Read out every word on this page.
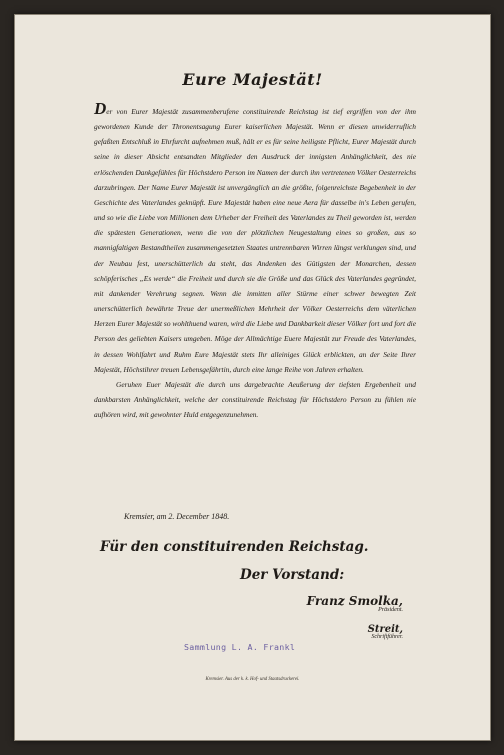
Eure Majestät!

Der von Eurer Majestät zusammenberufene constituirende Reichstag ist tief ergriffen von der ihm gewordenen Kunde der Thronentsagung Eurer kaiserlichen Majestät. Wenn er diesen unwiderruflich gefaßten Entschluß in Ehrfurcht aufnehmen muß, hält er es für seine heiligste Pflicht, Eurer Majestät durch seine in dieser Absicht entsandten Mitglieder den Ausdruck der innigsten Anhänglichkeit, des nie erlöschenden Dankgefühles für Höchstdero Person im Namen der durch ihn vertretenen Völker Oesterreichs darzubringen. Der Name Eurer Majestät ist unvergänglich an die größte, folgenreichste Begebenheit in der Geschichte des Vaterlandes geknüpft. Eure Majestät haben eine neue Aera für dasselbe in's Leben gerufen, und so wie die Liebe von Millionen dem Urheber der Freiheit des Vaterlandes zu Theil geworden ist, werden die spätesten Generationen, wenn die von der plötzlichen Neugestaltung eines so großen, aus so mannigfaltigen Bestandtheilen zusammengesetzten Staates untrennbaren Wirren längst verklungen sind, und der Neubau fest, unerschütterlich da steht, das Andenken des Gütigsten der Monarchen, dessen schöpferisches „Es werde“ die Freiheit und durch sie die Größe und das Glück des Vaterlandes gegründet, mit dankender Verehrung segnen. Wenn die inmitten aller Stürme einer schwer bewegten Zeit unerschütterlich bewährte Treue der unermeßlichen Mehrheit der Völker Oesterreichs dem väterlichen Herzen Eurer Majestät so wohlthuend waren, wird die Liebe und Dankbarkeit dieser Völker fort und fort die Person des geliebten Kaisers umgeben. Möge der Allmächtige Euere Majestät zur Freude des Vaterlandes, in dessen Wohlfahrt und Ruhm Eure Majestät stets Ihr alleiniges Glück erblickten, an der Seite Ihrer Majestät, Höchstihrer treuen Lebensgefährtin, durch eine lange Reihe von Jahren erhalten.

Geruhen Euer Majestät die durch uns dargebrachte Aeußerung der tiefsten Ergebenheit und dankbarsten Anhänglichkeit, welche der constituirende Reichstag für Höchstdero Person zu fühlen nie aufhören wird, mit gewohnter Huld entgegenzunehmen.

Kremsier, am 2. December 1848.
Für den constituirenden Reichstag.
Der Vorstand:
Franz Smolka,
Präsident.
Streit,
Schriftführer.
Sammlung L. A. Frankl
Kremsier. Aus der k. k. Hof- und Staatsdruckerei.
